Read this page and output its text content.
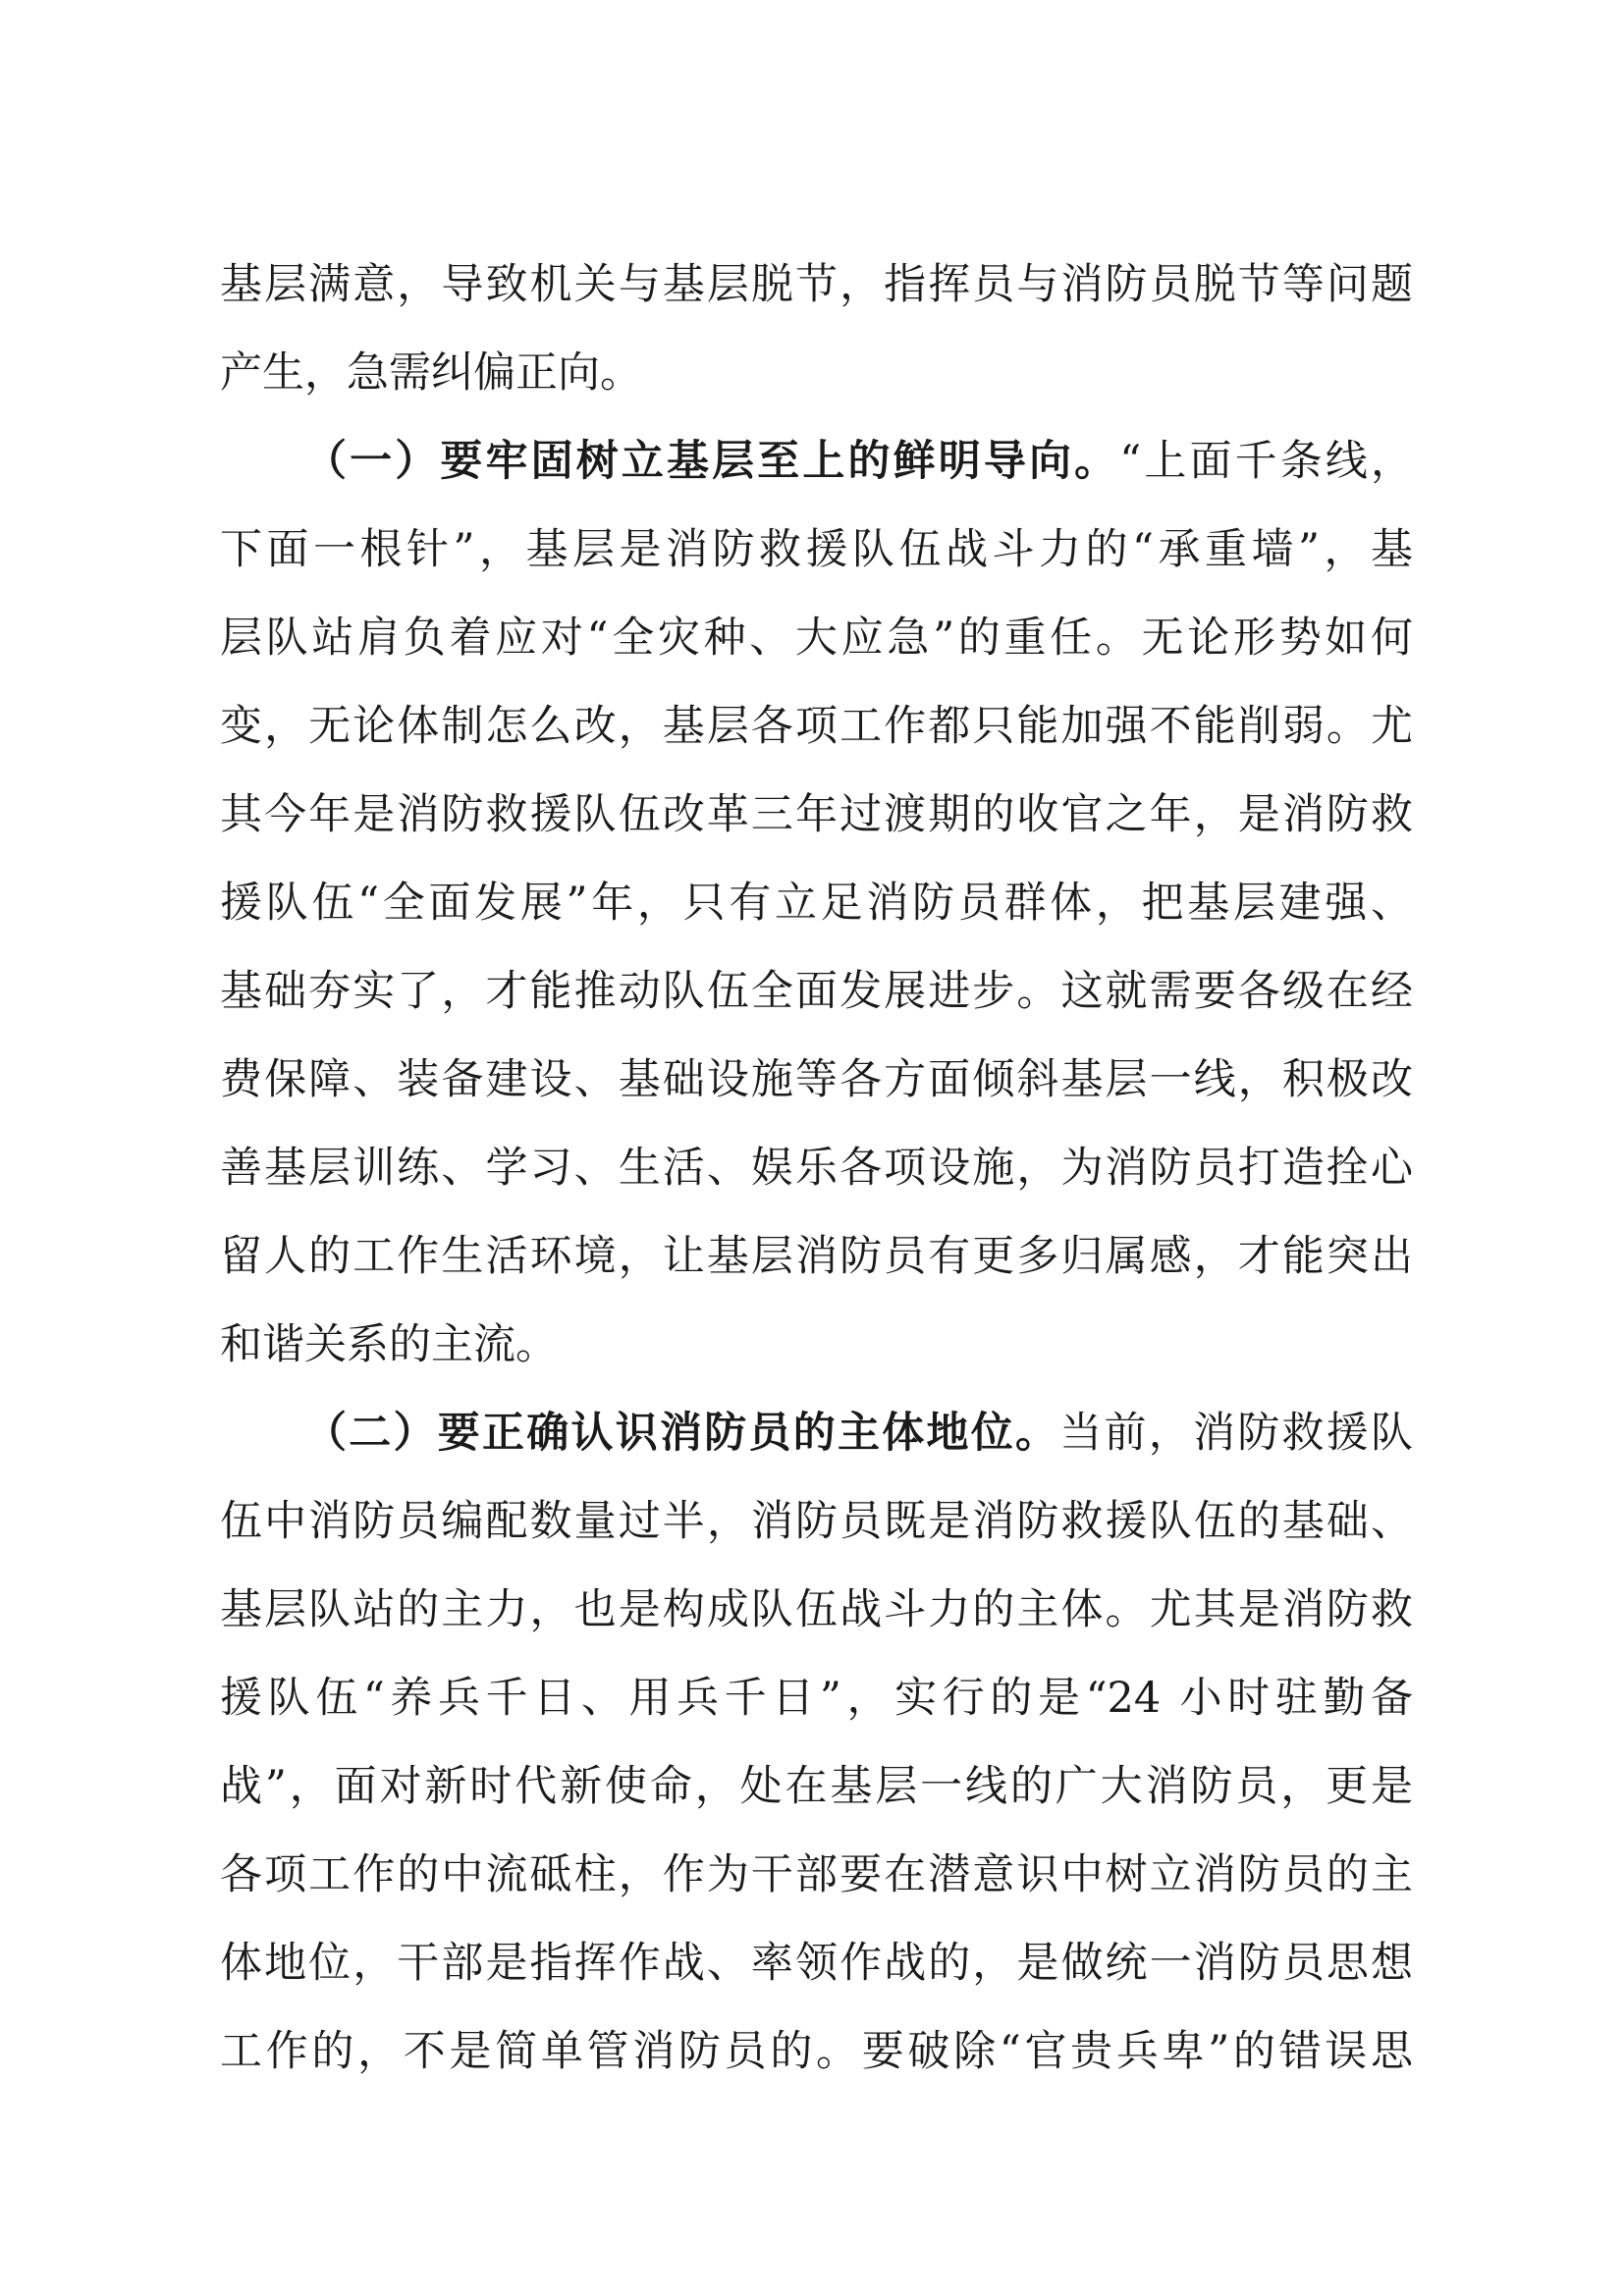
基层满意，导致机关与基层脱节，指挥员与消防员脱节等问题
产生，急需纠偏正向。
（一）要牢固树立基层至上的鲜明导向。“上面千条线，
下面一根针”，基层是消防救援队伍战斗力的“承重墙”，基
层队站肩负着应对“全灾种、大应急”的重任。无论形势如何
变，无论体制怎么改，基层各项工作都只能加强不能削弱。尤
其今年是消防救援队伍改革三年过渡期的收官之年，是消防救
援队伍“全面发展”年，只有立足消防员群体，把基层建强、
基础夯实了，才能推动队伍全面发展进步。这就需要各级在经
费保障、装备建设、基础设施等各方面倾斜基层一线，积极改
善基层训练、学习、生活、娱乐各项设施，为消防员打造拴心
留人的工作生活环境，让基层消防员有更多归属感，才能突出
和谐关系的主流。
（二）要正确认识消防员的主体地位。当前，消防救援队
伍中消防员编配数量过半，消防员既是消防救援队伍的基础、
基层队站的主力，也是构成队伍战斗力的主体。尤其是消防救
援队伍“养兵千日、用兵千日”，实行的是“24 小时驻勤备
战”，面对新时代新使命，处在基层一线的广大消防员，更是
各项工作的中流砥柱，作为干部要在潜意识中树立消防员的主
体地位，干部是指挥作战、率领作战的，是做统一消防员思想
工作的，不是简单管消防员的。要破除“官贵兵卑”的错误思
